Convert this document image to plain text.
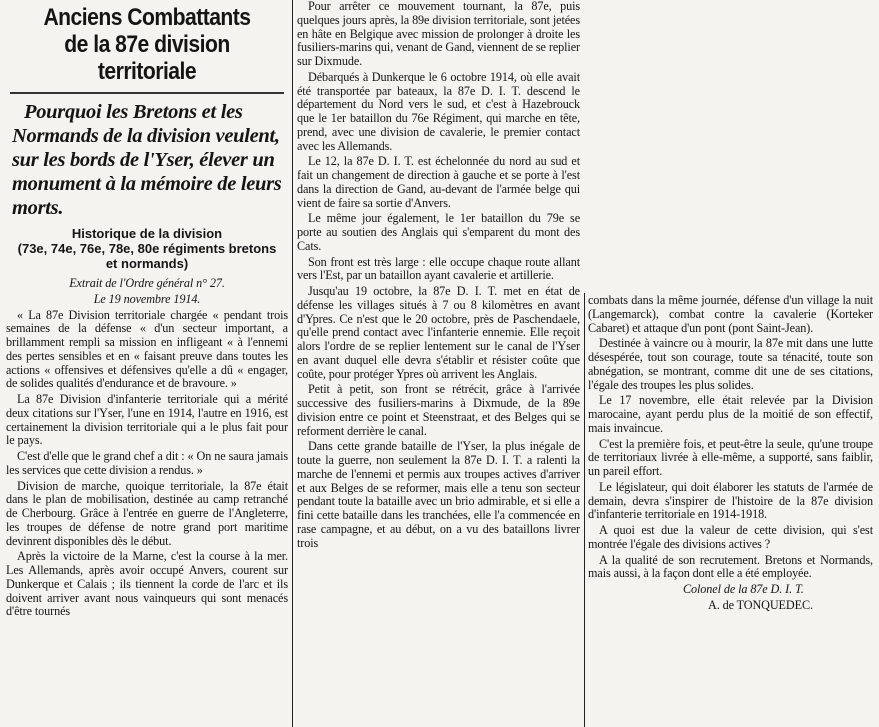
Anciens Combattants
de la 87e division territoriale
Pourquoi les Bretons et les Normands de la division veulent, sur les bords de l'Yser, élever un monument à la mémoire de leurs morts.
Historique de la division
(73e, 74e, 76e, 78e, 80e régiments bretons et normands)
Extrait de l'Ordre général n° 27.
Le 19 novembre 1914.
« La 87e Division territoriale chargée « pendant trois semaines de la défense « d'un secteur important, a brillamment rempli sa mission en infligeant « à l'ennemi des pertes sensibles et en « faisant preuve dans toutes les actions « offensives et défensives qu'elle a dû « engager, de solides qualités d'endurance et de bravoure. »
La 87e Division d'infanterie territoriale qui a mérité deux citations sur l'Yser, l'une en 1914, l'autre en 1916, est certainement la division territoriale qui a le plus fait pour le pays.
C'est d'elle que le grand chef a dit : « On ne saura jamais les services que cette division a rendus. »
Division de marche, quoique territoriale, la 87e était dans le plan de mobilisation, destinée au camp retranché de Cherbourg. Grâce à l'entrée en guerre de l'Angleterre, les troupes de défense de notre grand port maritime devinrent disponibles dès le début.
Après la victoire de la Marne, c'est la course à la mer. Les Allemands, après avoir occupé Anvers, courent sur Dunkerque et Calais ; ils tiennent la corde de l'arc et ils doivent arriver avant nous vainqueurs qui sont menacés d'être tournés
Pour arrêter ce mouvement tournant, la 87e, puis quelques jours après, la 89e division territoriale, sont jetées en hâte en Belgique avec mission de prolonger à droite les fusiliers-marins qui, venant de Gand, viennent de se replier sur Dixmude.
Débarqués à Dunkerque le 6 octobre 1914, où elle avait été transportée par bateaux, la 87e D. I. T. descend le département du Nord vers le sud, et c'est à Hazebrouck que le 1er bataillon du 76e Régiment, qui marche en tête, prend, avec une division de cavalerie, le premier contact avec les Allemands.
Le 12, la 87e D. I. T. est échelonnée du nord au sud et fait un changement de direction à gauche et se porte à l'est dans la direction de Gand, au-devant de l'armée belge qui vient de faire sa sortie d'Anvers.
Le même jour également, le 1er bataillon du 79e se porte au soutien des Anglais qui s'emparent du mont des Cats.
Son front est très large : elle occupe chaque route allant vers l'Est, par un bataillon ayant cavalerie et artillerie.
Jusqu'au 19 octobre, la 87e D. I. T. met en état de défense les villages situés à 7 ou 8 kilomètres en avant d'Ypres. Ce n'est que le 20 octobre, près de Paschendaele, qu'elle prend contact avec l'infanterie ennemie. Elle reçoit alors l'ordre de se replier lentement sur le canal de l'Yser en avant duquel elle devra s'établir et résister coûte que coûte, pour protéger Ypres où arrivent les Anglais.
Petit à petit, son front se rétrécit, grâce à l'arrivée successive des fusiliers-marins à Dixmude, de la 89e division entre ce point et Steenstraat, et des Belges qui se reforment derrière le canal.
Dans cette grande bataille de l'Yser, la plus inégale de toute la guerre, non seulement la 87e D. I. T. a ralenti la marche de l'ennemi et permis aux troupes actives d'arriver et aux Belges de se reformer, mais elle a tenu son secteur pendant toute la bataille avec un brio admirable, et si elle a fini cette bataille dans les tranchées, elle l'a commencée en rase campagne, et au début, on a vu des bataillons livrer trois
combats dans la même journée, défense d'un village la nuit (Langemarck), combat contre la cavalerie (Korteker Cabaret) et attaque d'un pont (pont Saint-Jean).
Destinée à vaincre ou à mourir, la 87e mit dans une lutte désespérée, tout son courage, toute sa ténacité, toute son abnégation, se montrant, comme dit une de ses citations, l'égale des troupes les plus solides.
Le 17 novembre, elle était relevée par la Division marocaine, ayant perdu plus de la moitié de son effectif, mais invaincue.
C'est la première fois, et peut-être la seule, qu'une troupe de territoriaux livrée à elle-même, a supporté, sans faiblir, un pareil effort.
Le législateur, qui doit élaborer les statuts de l'armée de demain, devra s'inspirer de l'histoire de la 87e division d'infanterie territoriale en 1914-1918.
A quoi est due la valeur de cette division, qui s'est montrée l'égale des divisions actives ?
A la qualité de son recrutement. Bretons et Normands, mais aussi, à la façon dont elle a été employée.
Colonel de la 87e D. I. T.
A. de TONQUEDEC.
